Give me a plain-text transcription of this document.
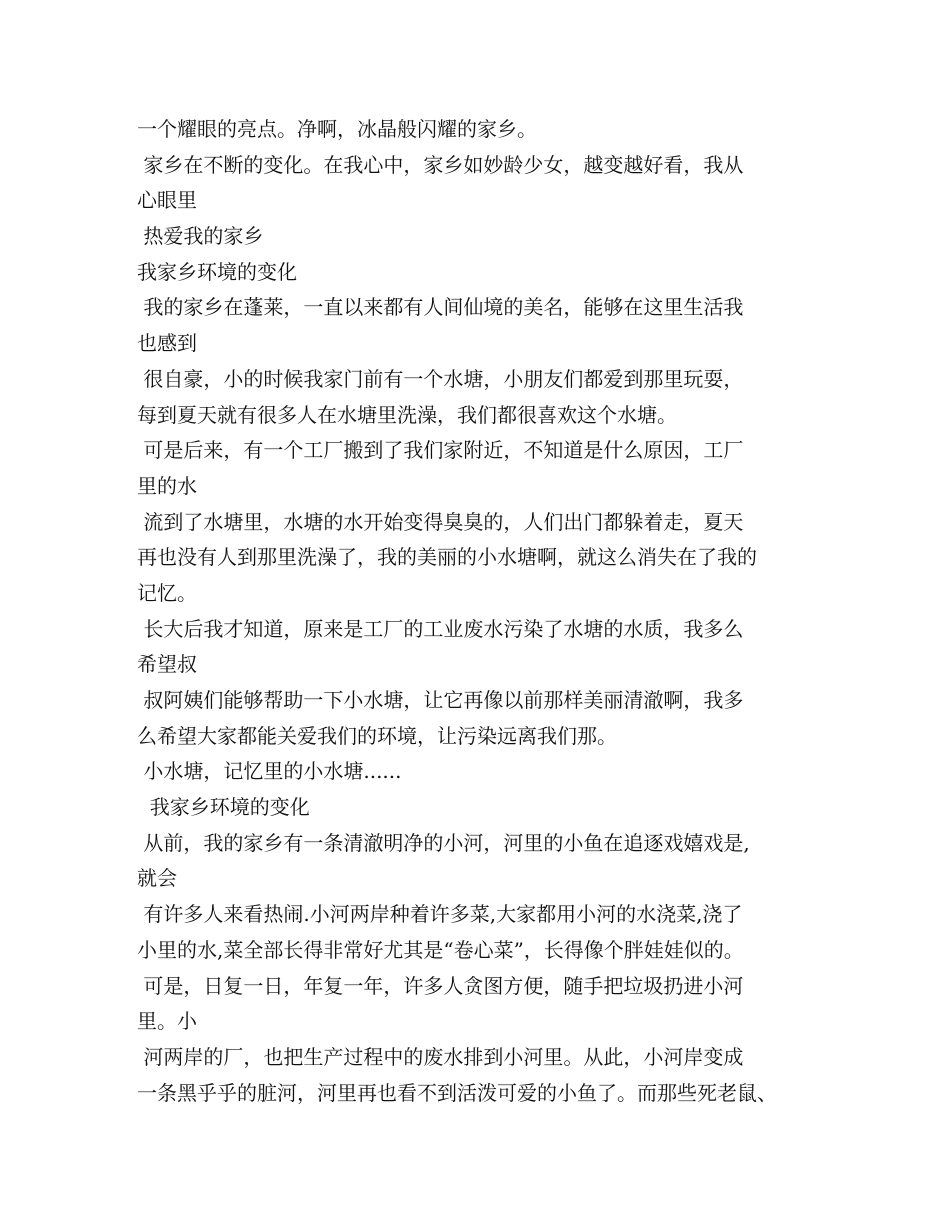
一个耀眼的亮点。净啊，冰晶般闪耀的家乡。
家乡在不断的变化。在我心中，家乡如妙龄少女，越变越好看，我从
心眼里
热爱我的家乡
我家乡环境的变化
我的家乡在蓬莱，一直以来都有人间仙境的美名，能够在这里生活我
也感到
很自豪，小的时候我家门前有一个水塘，小朋友们都爱到那里玩耍，
每到夏天就有很多人在水塘里洗澡，我们都很喜欢这个水塘。
可是后来，有一个工厂搬到了我们家附近，不知道是什么原因，工厂
里的水
流到了水塘里，水塘的水开始变得臭臭的，人们出门都躲着走，夏天
再也没有人到那里洗澡了，我的美丽的小水塘啊，就这么消失在了我的
记忆。
长大后我才知道，原来是工厂的工业废水污染了水塘的水质，我多么
希望叔
叔阿姨们能够帮助一下小水塘，让它再像以前那样美丽清澈啊，我多
么希望大家都能关爱我们的环境，让污染远离我们那。
小水塘，记忆里的小水塘......
我家乡环境的变化
从前，我的家乡有一条清澈明净的小河，河里的小鱼在追逐戏嬉戏是,
就会
有许多人来看热闹.小河两岸种着许多菜,大家都用小河的水浇菜,浇了
小里的水,菜全部长得非常好尤其是“卷心菜”，长得像个胖娃娃似的。
可是，日复一日，年复一年，许多人贪图方便，随手把垃圾扔进小河
里。小
河两岸的厂，也把生产过程中的废水排到小河里。从此，小河岸变成
一条黑乎乎的脏河，河里再也看不到活泼可爱的小鱼了。而那些死老鼠、
